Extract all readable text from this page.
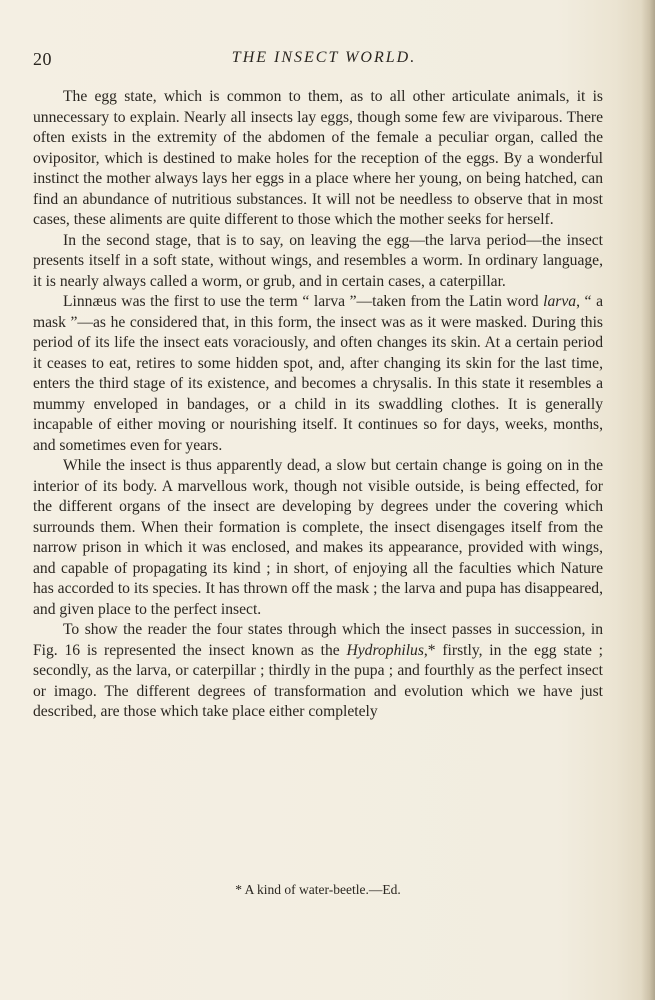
20	THE INSECT WORLD.

The egg state, which is common to them, as to all other articulate animals, it is unnecessary to explain. Nearly all insects lay eggs, though some few are viviparous. There often exists in the extremity of the abdomen of the female a peculiar organ, called the ovipositor, which is destined to make holes for the reception of the eggs. By a wonderful instinct the mother always lays her eggs in a place where her young, on being hatched, can find an abundance of nutritious substances. It will not be needless to observe that in most cases, these aliments are quite different to those which the mother seeks for herself.

In the second stage, that is to say, on leaving the egg—the larva period—the insect presents itself in a soft state, without wings, and resembles a worm. In ordinary language, it is nearly always called a worm, or grub, and in certain cases, a caterpillar.

Linnæus was the first to use the term “ larva ”—taken from the Latin word larva, “ a mask ”—as he considered that, in this form, the insect was as it were masked. During this period of its life the insect eats voraciously, and often changes its skin. At a certain period it ceases to eat, retires to some hidden spot, and, after changing its skin for the last time, enters the third stage of its existence, and becomes a chrysalis. In this state it resembles a mummy enveloped in bandages, or a child in its swaddling clothes. It is generally incapable of either moving or nourishing itself. It continues so for days, weeks, months, and sometimes even for years.

While the insect is thus apparently dead, a slow but certain change is going on in the interior of its body. A marvellous work, though not visible outside, is being effected, for the different organs of the insect are developing by degrees under the covering which surrounds them. When their formation is complete, the insect disengages itself from the narrow prison in which it was enclosed, and makes its appearance, provided with wings, and capable of propagating its kind ; in short, of enjoying all the faculties which Nature has accorded to its species. It has thrown off the mask ; the larva and pupa has disappeared, and given place to the perfect insect.

To show the reader the four states through which the insect passes in succession, in Fig. 16 is represented the insect known as the Hydrophilus,* firstly, in the egg state ; secondly, as the larva, or caterpillar ; thirdly in the pupa ; and fourthly as the perfect insect or imago. The different degrees of transformation and evolution which we have just described, are those which take place either completely

* A kind of water-beetle.—Ed.
